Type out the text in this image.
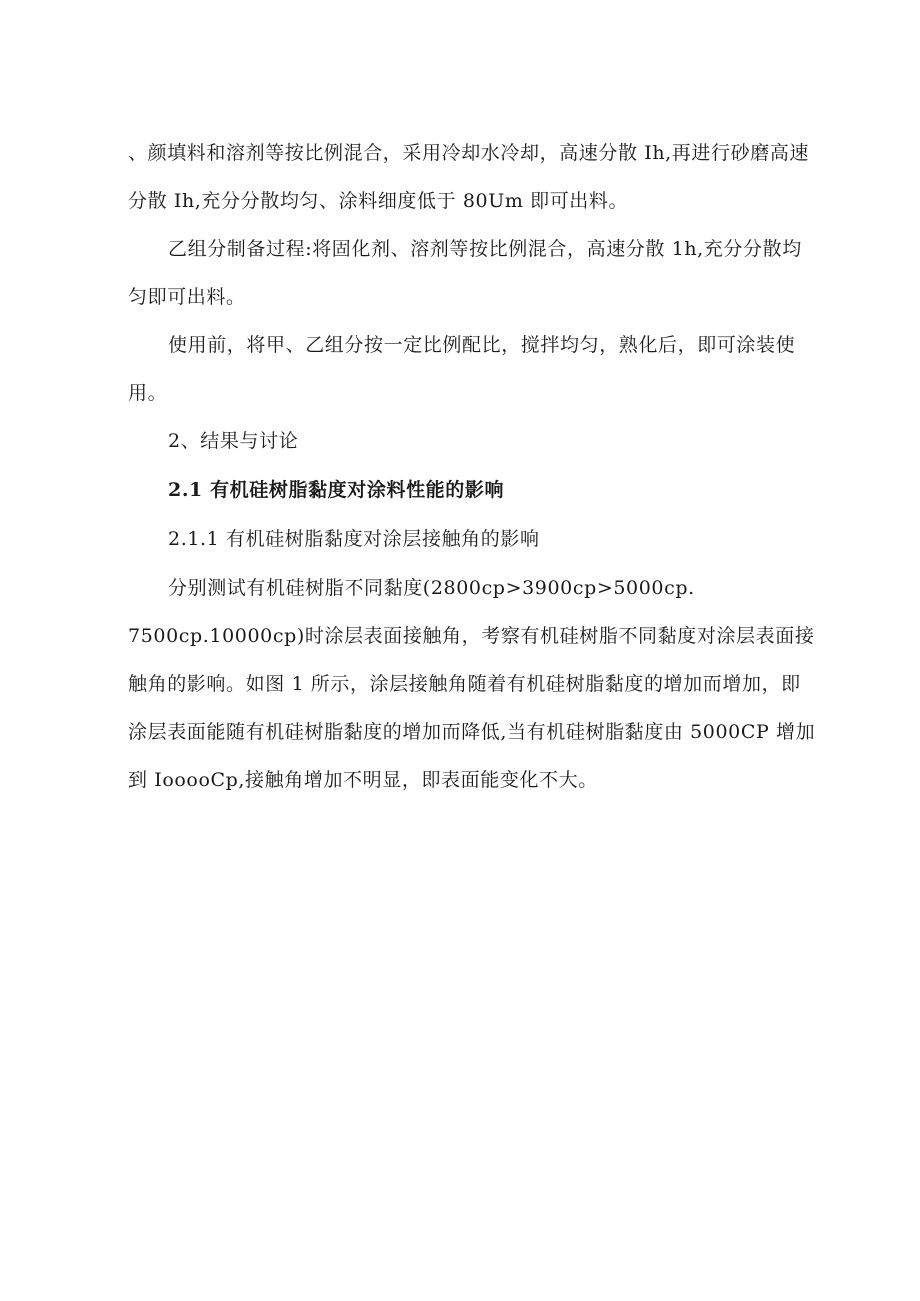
、颜填料和溶剂等按比例混合，采用冷却水冷却，高速分散 Ih,再进行砂磨高速
分散 Ih,充分分散均匀、涂料细度低于 80Um 即可出料。
乙组分制备过程:将固化剂、溶剂等按比例混合，高速分散 1h,充分分散均
匀即可出料。
使用前，将甲、乙组分按一定比例配比，搅拌均匀，熟化后，即可涂装使
用。
2、结果与讨论
2.1 有机硅树脂黏度对涂料性能的影响
2.1.1 有机硅树脂黏度对涂层接触角的影响
分别测试有机硅树脂不同黏度(2800cp>3900cp>5000cp.
7500cp.10000cp)时涂层表面接触角，考察有机硅树脂不同黏度对涂层表面接
触角的影响。如图 1 所示，涂层接触角随着有机硅树脂黏度的增加而增加，即
涂层表面能随有机硅树脂黏度的增加而降低,当有机硅树脂黏度由 5000CP 增加
到 IooooCp,接触角增加不明显，即表面能变化不大。
